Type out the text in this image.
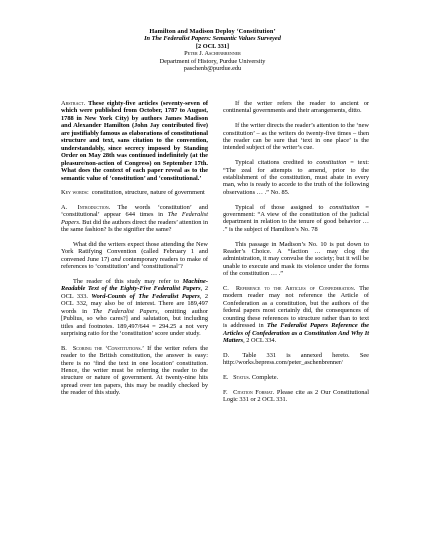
Hamilton and Madison Deploy ‘Constitution’
In The Federalist Papers: Semantic Values Surveyed
[2 OCL 331]
Peter J. Aschenbrenner
Department of History, Purdue University
paschenb@purdue.edu

Abstract. These eighty-five articles (seventy-seven of which were published from October, 1787 to August, 1788 in New York City) by authors James Madison and Alexander Hamilton (John Jay contributed five) are justifiably famous as elaborations of constitutional structure and text, sans citation to the convention, understandably, since secrecy imposed by Standing Order on May 28th was continued indefinitely (at the pleasure/non-action of Congress) on September 17th. What does the context of each paper reveal as to the semantic value of ‘constitution’ and ‘constitutional.’

Key words: constitution, structure, nature of government

A. Introduction. The words ‘constitution’ and ‘constitutional’ appear 644 times in The Federalist Papers. But did the authors direct the readers’ attention in the same fashion? Is the signifier the same?

What did the writers expect those attending the New York Ratifying Convention (called February 1 and convened June 17) and contemporary readers to make of references to ‘constitution’ and ‘constitutional’?

The reader of this study may refer to Machine-Readable Text of the Eighty-Five Federalist Papers, 2 OCL 333. Word-Counts of The Federalist Papers, 2 OCL 332, may also be of interest. There are 189,497 words in The Federalist Papers, omitting author [Publius, so who cares?] and salutation, but including titles and footnotes. 189,497/644 = 294.25 a not very surprising ratio for the ‘constitution’ score under study.

B. Scoring the ‘Constitutions.’ If the writer refers the reader to the British constitution, the answer is easy: there is no ‘find the text in one location’ constitution. Hence, the writer must be referring the reader to the structure or nature of government. At twenty-nine hits spread over ten papers, this may be readily checked by the reader of this study.

If the writer refers the reader to ancient or continental governments and their arrangements, ditto.

If the writer directs the reader’s attention to the ‘new constitution’ – as the writers do twenty-five times – then the reader can be sure that ‘text in one place’ is the intended subject of the writer’s cue.

Typical citations credited to constitution = text: “The zeal for attempts to amend, prior to the establishment of the constitution, must abate in every man, who is ready to accede to the truth of the following observations … .” No. 85.

Typical of those assigned to constitution = government: “A view of the constitution of the judicial department in relation to the tenure of good behavior … .” is the subject of Hamilton’s No. 78

This passage in Madison’s No. 10 is put down to Reader’s Choice. A “faction … may clog the administration, it may convulse the society; but it will be unable to execute and mask its violence under the forms of the constitution … .”

C. Reference to the Articles of Confederation. The modern reader may not reference the Article of Confederation as a constitution, but the authors of the federal papers most certainly did, the consequences of counting these references to structure rather than to text is addressed in The Federalist Papers Reference the Articles of Confederation as a Constitution And Why It Matters, 2 OCL 334.

D. Table 331 is annexed hereto. See http://works.bepress.com/peter_aschenbrenner/

E. Status. Complete.

F. Citation Format. Please cite as 2 Our Constitutional Logic 331 or 2 OCL 331.
